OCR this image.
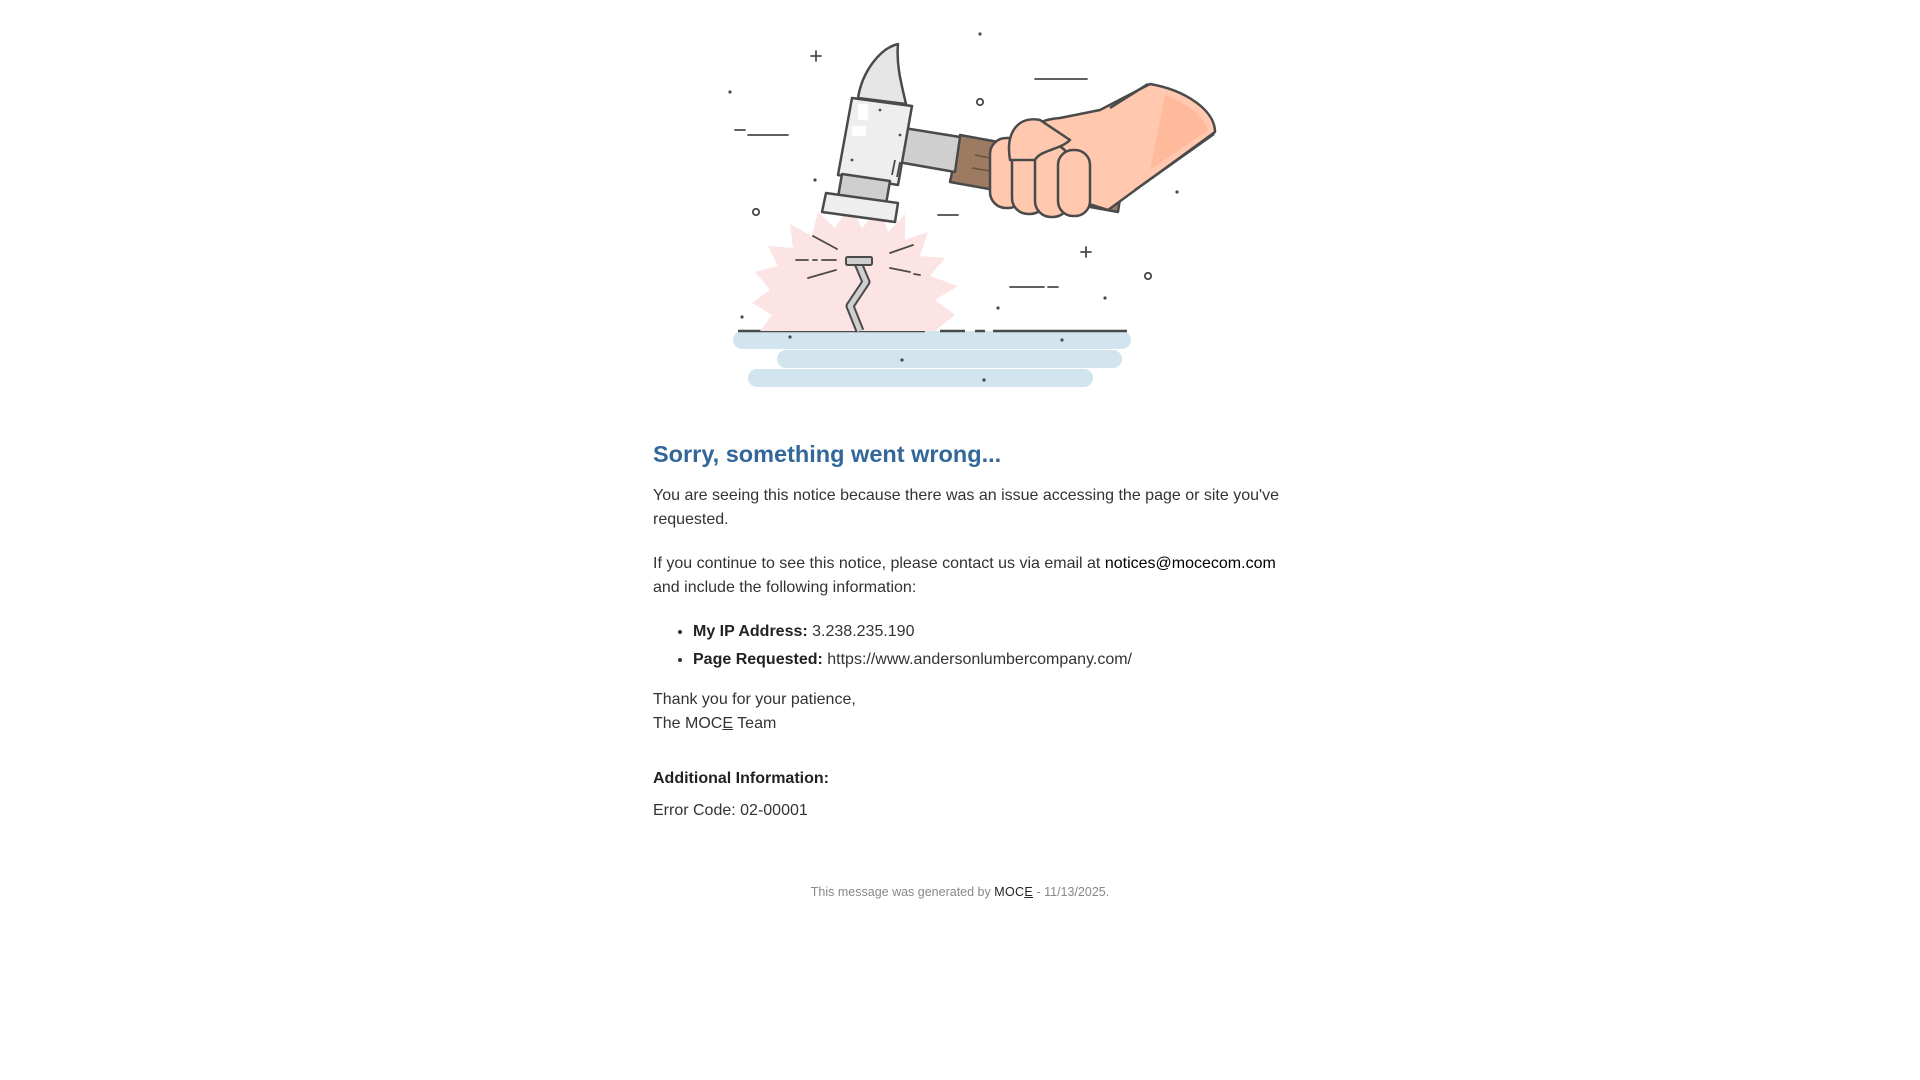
Sorry, something went wrong...

You are seeing this notice because there was an issue accessing the page or site you've requested.

If you continue to see this notice, please contact us via email at notices@mocecom.com and include the following information:

• My IP Address: 3.238.235.190
• Page Requested: https://www.andersonlumbercompany.com/

Thank you for your patience,
The MOCE Team

Additional Information:

Error Code: 02-00001

This message was generated by MOCE - 11/13/2025.
